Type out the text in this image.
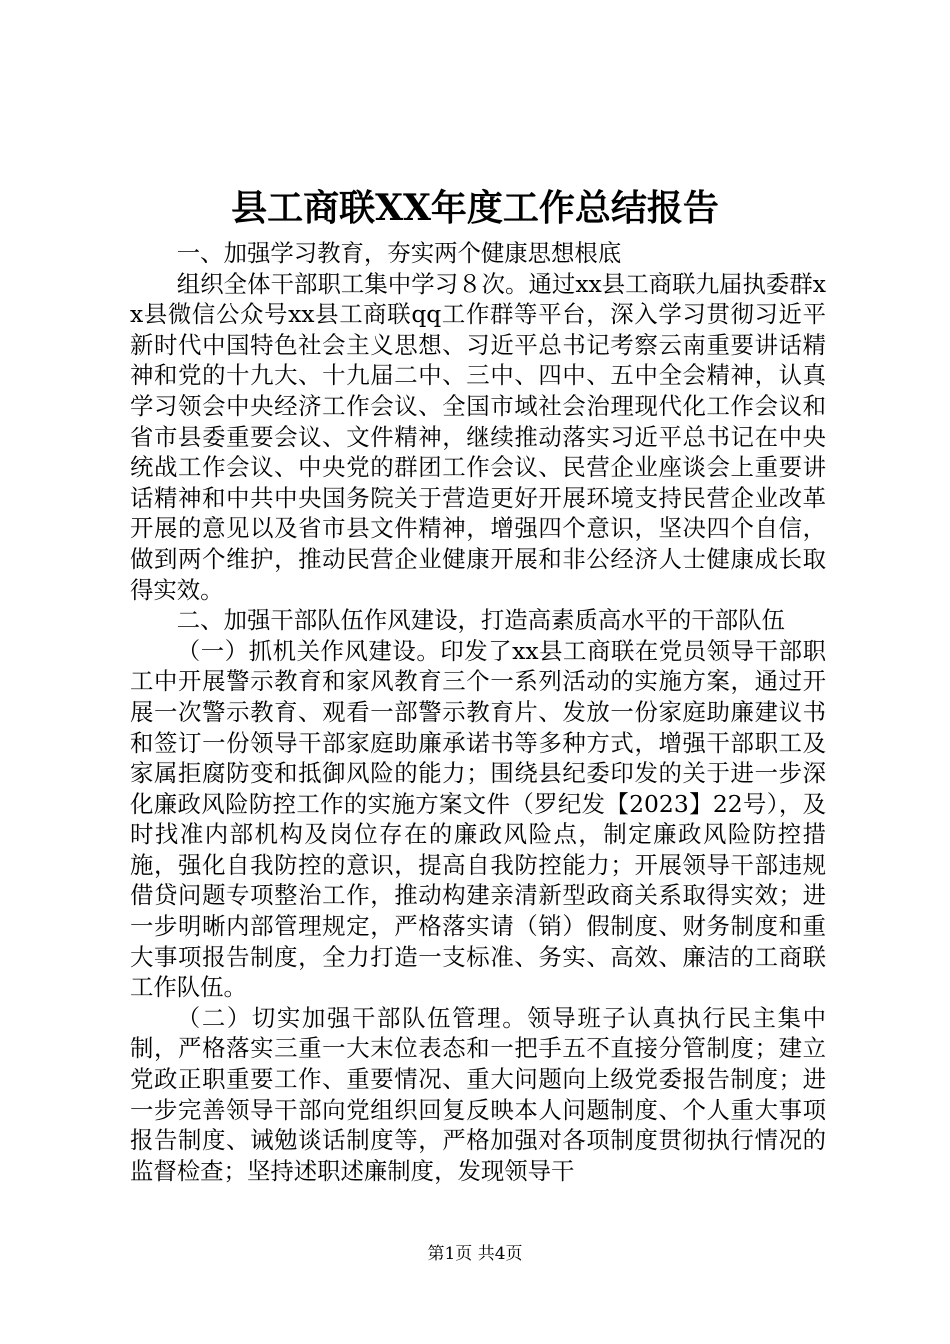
县工商联XX年度工作总结报告

一、加强学习教育，夯实两个健康思想根底

组织全体干部职工集中学习８次。通过xx县工商联九届执委群xx县微信公众号xx县工商联qq工作群等平台，深入学习贯彻习近平新时代中国特色社会主义思想、习近平总书记考察云南重要讲话精神和党的十九大、十九届二中、三中、四中、五中全会精神，认真学习领会中央经济工作会议、全国市域社会治理现代化工作会议和省市县委重要会议、文件精神，继续推动落实习近平总书记在中央统战工作会议、中央党的群团工作会议、民营企业座谈会上重要讲话精神和中共中央国务院关于营造更好开展环境支持民营企业改革开展的意见以及省市县文件精神，增强四个意识，坚决四个自信，做到两个维护，推动民营企业健康开展和非公经济人士健康成长取得实效。

二、加强干部队伍作风建设，打造高素质高水平的干部队伍

（一）抓机关作风建设。印发了xx县工商联在党员领导干部职工中开展警示教育和家风教育三个一系列活动的实施方案，通过开展一次警示教育、观看一部警示教育片、发放一份家庭助廉建议书和签订一份领导干部家庭助廉承诺书等多种方式，增强干部职工及家属拒腐防变和抵御风险的能力；围绕县纪委印发的关于进一步深化廉政风险防控工作的实施方案文件（罗纪发【2023】22号），及时找准内部机构及岗位存在的廉政风险点，制定廉政风险防控措施，强化自我防控的意识，提高自我防控能力；开展领导干部违规借贷问题专项整治工作，推动构建亲清新型政商关系取得实效；进一步明晰内部管理规定，严格落实请（销）假制度、财务制度和重大事项报告制度，全力打造一支标准、务实、高效、廉洁的工商联工作队伍。

（二）切实加强干部队伍管理。领导班子认真执行民主集中制，严格落实三重一大末位表态和一把手五不直接分管制度；建立党政正职重要工作、重要情况、重大问题向上级党委报告制度；进一步完善领导干部向党组织回复反映本人问题制度、个人重大事项报告制度、诫勉谈话制度等，严格加强对各项制度贯彻执行情况的监督检查；坚持述职述廉制度，发现领导干

第1页 共4页
